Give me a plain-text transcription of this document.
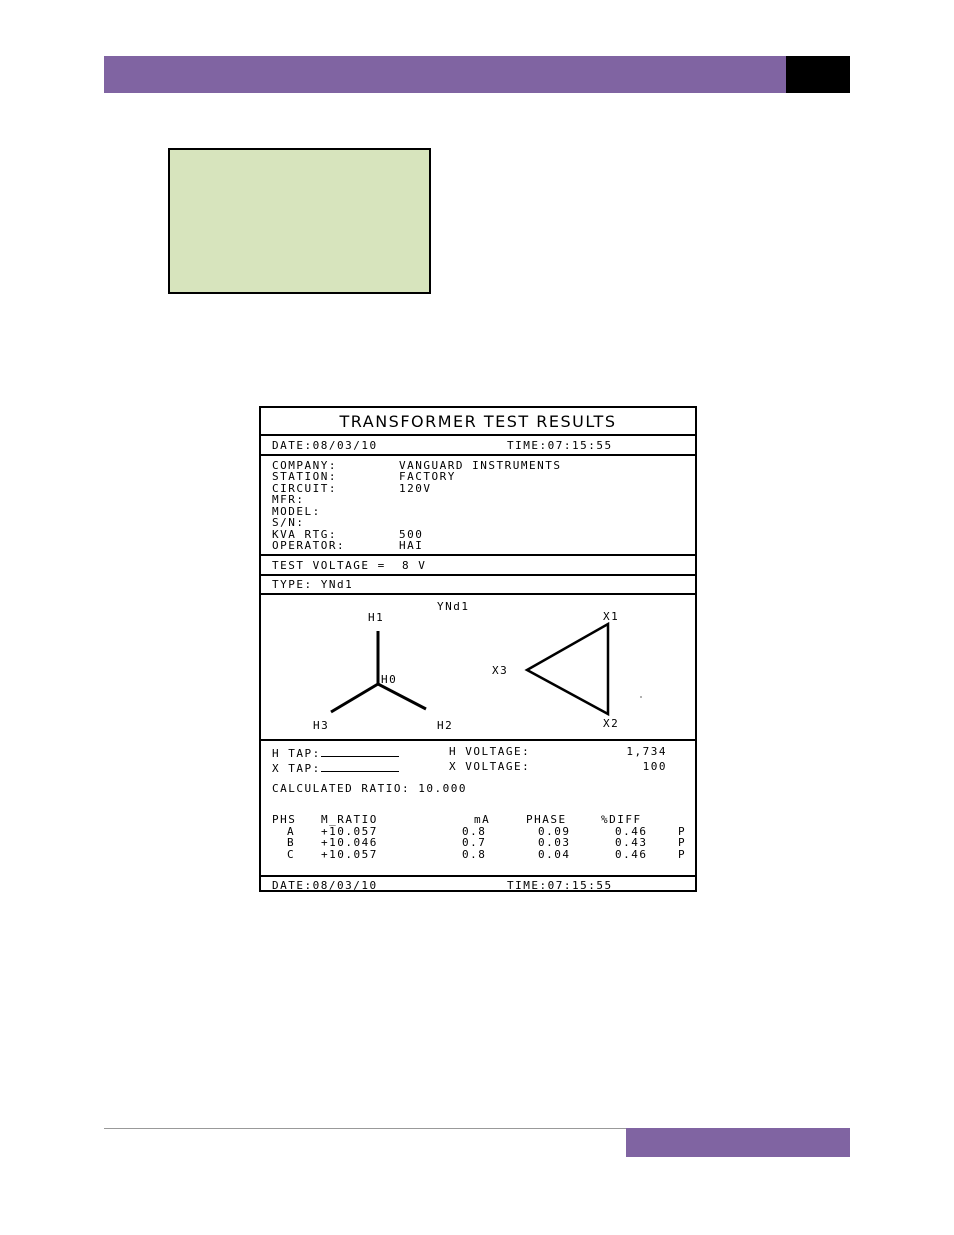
TRANSFORMER TEST RESULTS
DATE:08/03/10	TIME:07:15:55
COMPANY:	VANGUARD INSTRUMENTS
STATION:	FACTORY
CIRCUIT:	120V
MFR:
MODEL:
S/N:
KVA RTG:	500
OPERATOR:	HAI
TEST VOLTAGE =  8 V
TYPE: YNd1
YNd1
H1
H0
H2
H3
X1
X2
X3
H TAP:	H VOLTAGE:	1,734
X TAP:	X VOLTAGE:	100
CALCULATED RATIO: 10.000
PHS M_RATIO	mA	PHASE	%DIFF
A +10.057	0.8	0.09	0.46	P
B +10.046	0.7	0.03	0.43	P
C +10.057	0.8	0.04	0.46	P
DATE:08/03/10	TIME:07:15:55
